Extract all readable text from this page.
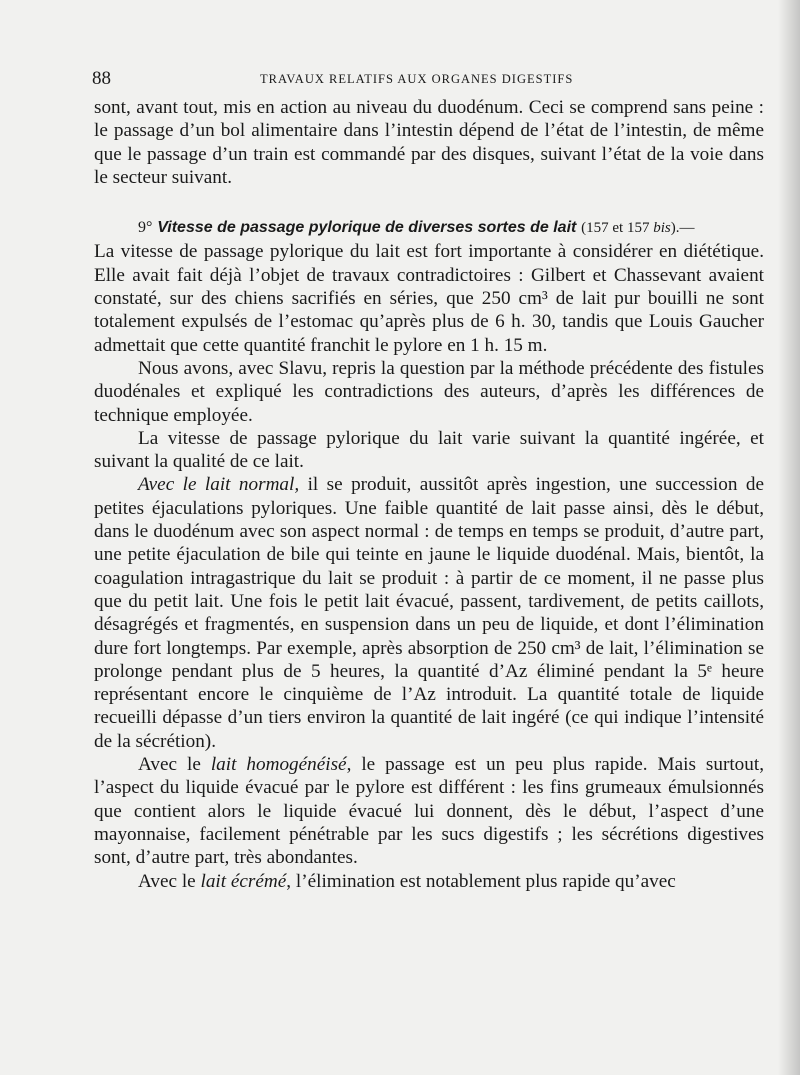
88	TRAVAUX RELATIFS AUX ORGANES DIGESTIFS

sont, avant tout, mis en action au niveau du duodénum. Ceci se comprend sans peine : le passage d’un bol alimentaire dans l’intestin dépend de l’état de l’intestin, de même que le passage d’un train est commandé par des disques, suivant l’état de la voie dans le secteur suivant.

9° Vitesse de passage pylorique de diverses sortes de lait (157 et 157 bis).—

La vitesse de passage pylorique du lait est fort importante à considérer en diététique. Elle avait fait déjà l’objet de travaux contradictoires : Gilbert et Chassevant avaient constaté, sur des chiens sacrifiés en séries, que 250 cm³ de lait pur bouilli ne sont totalement expulsés de l’estomac qu’après plus de 6 h. 30, tandis que Louis Gaucher admettait que cette quantité franchit le pylore en 1 h. 15 m.

Nous avons, avec Slavu, repris la question par la méthode précédente des fistules duodénales et expliqué les contradictions des auteurs, d’après les différences de technique employée.

La vitesse de passage pylorique du lait varie suivant la quantité ingérée, et suivant la qualité de ce lait.

Avec le lait normal, il se produit, aussitôt après ingestion, une succession de petites éjaculations pyloriques. Une faible quantité de lait passe ainsi, dès le début, dans le duodénum avec son aspect normal : de temps en temps se produit, d’autre part, une petite éjaculation de bile qui teinte en jaune le liquide duodénal. Mais, bientôt, la coagulation intragastrique du lait se produit : à partir de ce moment, il ne passe plus que du petit lait. Une fois le petit lait évacué, passent, tardivement, de petits caillots, désagrégés et fragmentés, en suspension dans un peu de liquide, et dont l’élimination dure fort longtemps. Par exemple, après absorption de 250 cm³ de lait, l’élimination se prolonge pendant plus de 5 heures, la quantité d’Az éliminé pendant la 5ᵉ heure représentant encore le cinquième de l’Az introduit. La quantité totale de liquide recueilli dépasse d’un tiers environ la quantité de lait ingéré (ce qui indique l’intensité de la sécrétion).

Avec le lait homogénéisé, le passage est un peu plus rapide. Mais surtout, l’aspect du liquide évacué par le pylore est différent : les fins grumeaux émulsionnés que contient alors le liquide évacué lui donnent, dès le début, l’aspect d’une mayonnaise, facilement pénétrable par les sucs digestifs ; les sécrétions digestives sont, d’autre part, très abondantes.

Avec le lait écrémé, l’élimination est notablement plus rapide qu’avec
